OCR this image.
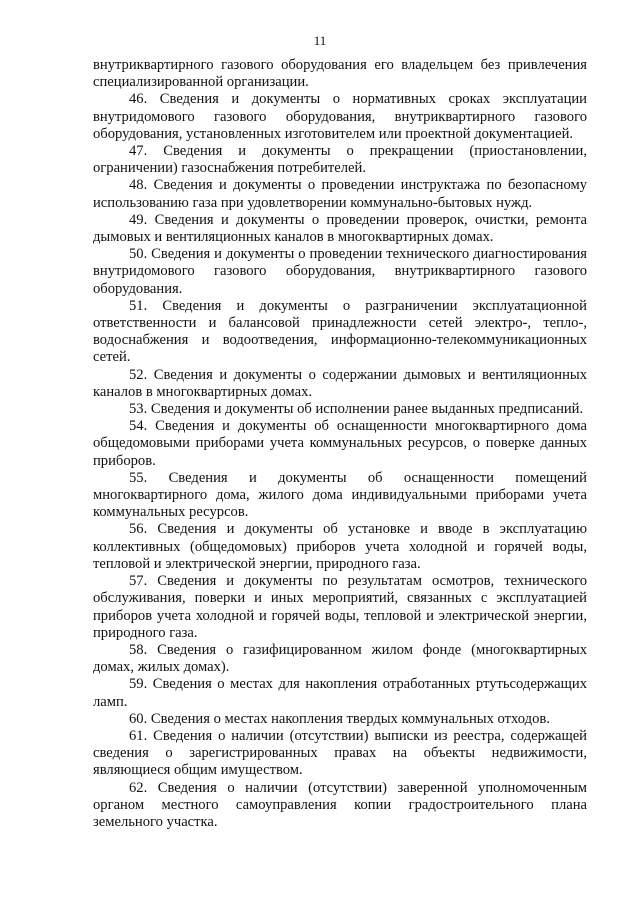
11

внутриквартирного газового оборудования его владельцем без привлечения специализированной организации.

46. Сведения и документы о нормативных сроках эксплуатации внутридомового газового оборудования, внутриквартирного газового оборудования, установленных изготовителем или проектной документацией.

47. Сведения и документы о прекращении (приостановлении, ограничении) газоснабжения потребителей.

48. Сведения и документы о проведении инструктажа по безопасному использованию газа при удовлетворении коммунально-бытовых нужд.

49. Сведения и документы о проведении проверок, очистки, ремонта дымовых и вентиляционных каналов в многоквартирных домах.

50. Сведения и документы о проведении технического диагностирования внутридомового газового оборудования, внутриквартирного газового оборудования.

51. Сведения и документы о разграничении эксплуатационной ответственности и балансовой принадлежности сетей электро-, тепло-, водоснабжения и водоотведения, информационно-телекоммуникационных сетей.

52. Сведения и документы о содержании дымовых и вентиляционных каналов в многоквартирных домах.

53. Сведения и документы об исполнении ранее выданных предписаний.

54. Сведения и документы об оснащенности многоквартирного дома общедомовыми приборами учета коммунальных ресурсов, о поверке данных приборов.

55. Сведения и документы об оснащенности помещений многоквартирного дома, жилого дома индивидуальными приборами учета коммунальных ресурсов.

56. Сведения и документы об установке и вводе в эксплуатацию коллективных (общедомовых) приборов учета холодной и горячей воды, тепловой и электрической энергии, природного газа.

57. Сведения и документы по результатам осмотров, технического обслуживания, поверки и иных мероприятий, связанных с эксплуатацией приборов учета холодной и горячей воды, тепловой и электрической энергии, природного газа.

58. Сведения о газифицированном жилом фонде (многоквартирных домах, жилых домах).

59. Сведения о местах для накопления отработанных ртутьсодержащих ламп.

60. Сведения о местах накопления твердых коммунальных отходов.

61. Сведения о наличии (отсутствии) выписки из реестра, содержащей сведения о зарегистрированных правах на объекты недвижимости, являющиеся общим имуществом.

62. Сведения о наличии (отсутствии) заверенной уполномоченным органом местного самоуправления копии градостроительного плана земельного участка.
